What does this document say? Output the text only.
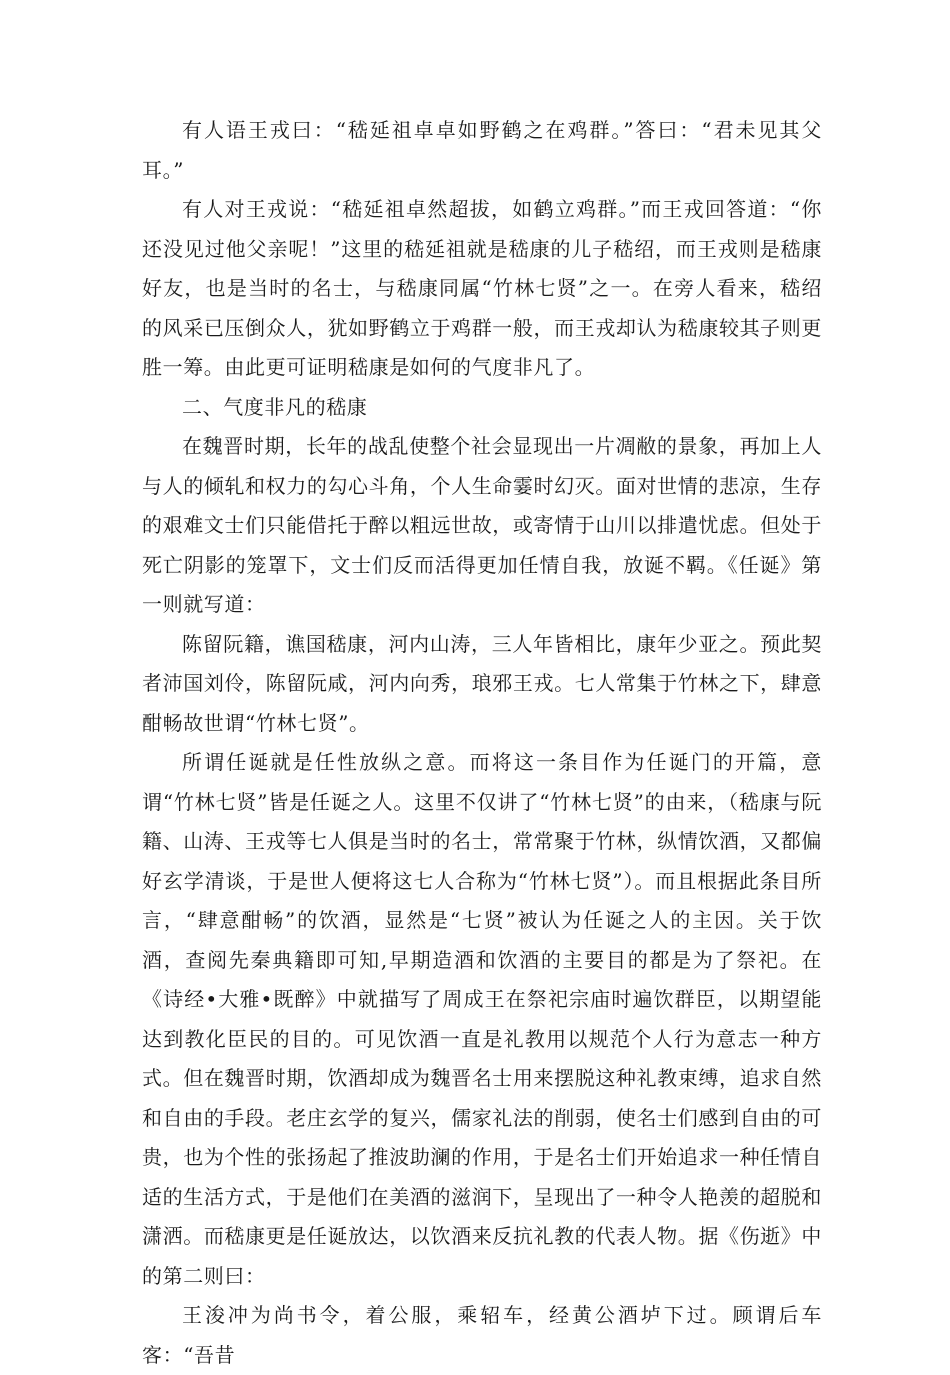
有人语王戎曰：“嵇延祖卓卓如野鹤之在鸡群。”答曰：“君未见其父耳。”

有人对王戎说：“嵇延祖卓然超拔，如鹤立鸡群。”而王戎回答道：“你还没见过他父亲呢！”这里的嵇延祖就是嵇康的儿子嵇绍，而王戎则是嵇康好友，也是当时的名士，与嵇康同属“竹林七贤”之一。在旁人看来，嵇绍的风采已压倒众人，犹如野鹤立于鸡群一般，而王戎却认为嵇康较其子则更胜一筹。由此更可证明嵇康是如何的气度非凡了。

二、气度非凡的嵇康

在魏晋时期，长年的战乱使整个社会显现出一片凋敝的景象，再加上人与人的倾轧和权力的勾心斗角，个人生命霎时幻灭。面对世情的悲凉，生存的艰难文士们只能借托于醉以粗远世故，或寄情于山川以排遣忧虑。但处于死亡阴影的笼罩下，文士们反而活得更加任情自我，放诞不羁。《任诞》第一则就写道：

陈留阮籍，谯国嵇康，河内山涛，三人年皆相比，康年少亚之。预此契者沛国刘伶，陈留阮咸，河内向秀，琅邪王戎。七人常集于竹林之下，肆意酣畅故世谓“竹林七贤”。

所谓任诞就是任性放纵之意。而将这一条目作为任诞门的开篇，意谓“竹林七贤”皆是任诞之人。这里不仅讲了“竹林七贤”的由来，（嵇康与阮籍、山涛、王戎等七人俱是当时的名士，常常聚于竹林，纵情饮酒，又都偏好玄学清谈，于是世人便将这七人合称为“竹林七贤”）。而且根据此条目所言，“肆意酣畅”的饮酒，显然是“七贤”被认为任诞之人的主因。关于饮酒，查阅先秦典籍即可知,早期造酒和饮酒的主要目的都是为了祭祀。在《诗经•大雅•既醉》中就描写了周成王在祭祀宗庙时遍饮群臣，以期望能达到教化臣民的目的。可见饮酒一直是礼教用以规范个人行为意志一种方式。但在魏晋时期，饮酒却成为魏晋名士用来摆脱这种礼教束缚，追求自然和自由的手段。老庄玄学的复兴，儒家礼法的削弱，使名士们感到自由的可贵，也为个性的张扬起了推波助澜的作用，于是名士们开始追求一种任情自适的生活方式，于是他们在美酒的滋润下，呈现出了一种令人艳羡的超脱和潇洒。而嵇康更是任诞放达，以饮酒来反抗礼教的代表人物。据《伤逝》中的第二则曰：

王浚冲为尚书令，着公服，乘轺车，经黄公酒垆下过。顾谓后车客：“吾昔
